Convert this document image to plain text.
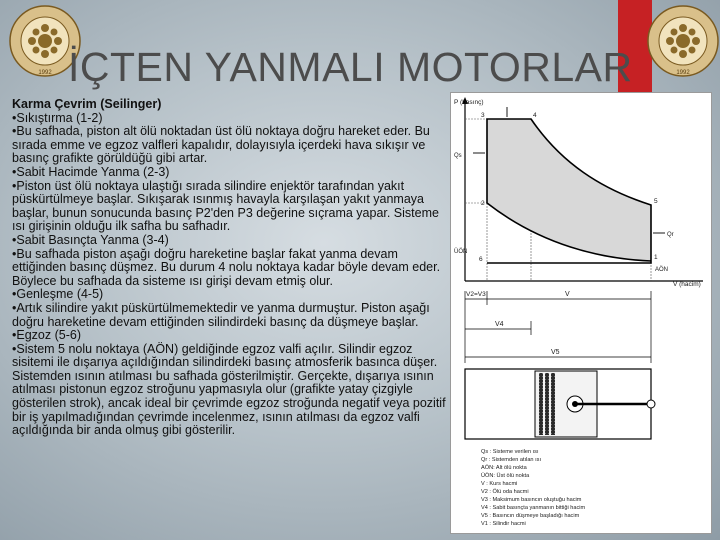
1992	1992
İÇTEN YANMALI MOTORLAR
Karma Çevrim (Seilinger)
•Sıkıştırma (1-2)
•Bu safhada, piston alt ölü noktadan üst ölü noktaya doğru hareket eder. Bu sırada emme ve egzoz valfleri kapalıdır, dolayısıyla içerdeki hava sıkışır ve basınç grafikte görüldüğü gibi artar.
•Sabit Hacimde Yanma (2-3)
•Piston üst ölü noktaya ulaştığı sırada silindire enjektör tarafından yakıt püskürtülmeye başlar. Sıkışarak ısınmış havayla karşılaşan yakıt yanmaya başlar, bunun sonucunda basınç P2'den P3 değerine sıçrama yapar. Sisteme ısı girişinin olduğu ilk safha bu safhadır.
•Sabit Basınçta Yanma (3-4)
•Bu safhada piston aşağı doğru hareketine başlar fakat yanma devam ettiğinden basınç düşmez. Bu durum 4 nolu noktaya kadar böyle devam eder. Böylece bu safhada da sisteme ısı girişi devam etmiş olur.
•Genleşme (4-5)
•Artık silindire yakıt püskürtülmemektedir ve yanma durmuştur. Piston aşağı doğru hareketine devam ettiğinden silindirdeki basınç da düşmeye başlar.
•Egzoz (5-6)
•Sistem 5 nolu noktaya (AÖN) geldiğinde egzoz valfi açılır. Silindir egzoz sisitemi ile dışarıya açıldığından silindirdeki basınç atmosferik basınca düşer. Sistemden ısının atılması bu safhada gösterilmiştir. Gerçekte, dışarıya ısının atılması pistonun egzoz stroğunu yapmasıyla olur (grafikte yatay çizgiyle gösterilen strok), ancak ideal bir çevrimde egzoz stroğunda negatif veya pozitif bir iş yapılmadığından çevrimde incelenmez, ısının atılması da egzoz valfi açıldığında bir anda olmuş gibi gösterilir.
P (basınç)
V (hacim)
2
3	4
5
1
6
Qs
ÜÖN
Qr
AÖN
V2=V3	V
V4
V5
Qs : Sisteme verilen ısı
Qr : Sistemden atılan ısı
AÖN: Alt ölü nokta
ÜÖN: Üst ölü nokta
V : Kurs hacmi
V2 : Ölü oda hacmi
V3 : Maksimum basıncın oluştuğu hacim
V4 : Sabit basınçta yanmanın bittiği hacim
V5 : Basıncın düşmeye başladığı hacim
V1 : Silindir hacmi
